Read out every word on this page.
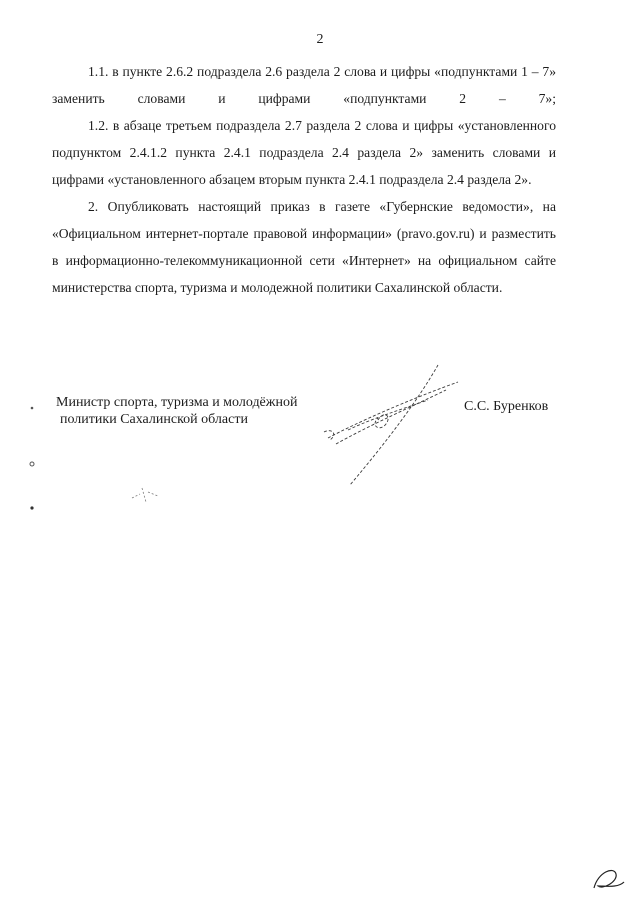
2

1.1. в пункте 2.6.2 подраздела 2.6 раздела 2 слова и цифры «подпунктами 1 – 7» заменить словами и цифрами «подпунктами 2 – 7»;

1.2. в абзаце третьем подраздела 2.7 раздела 2 слова и цифры «установленного подпунктом 2.4.1.2 пункта 2.4.1 подраздела 2.4 раздела 2» заменить словами и цифрами «установленного абзацем вторым пункта 2.4.1 подраздела 2.4 раздела 2».

2. Опубликовать настоящий приказ в газете «Губернские ведомости», на «Официальном интернет-портале правовой информации» (pravo.gov.ru) и разместить в информационно-телекоммуникационной сети «Интернет» на официальном сайте министерства спорта, туризма и молодежной политики Сахалинской области.

Министр спорта, туризма и молодёжной
политики Сахалинской области
С.С. Буренков
